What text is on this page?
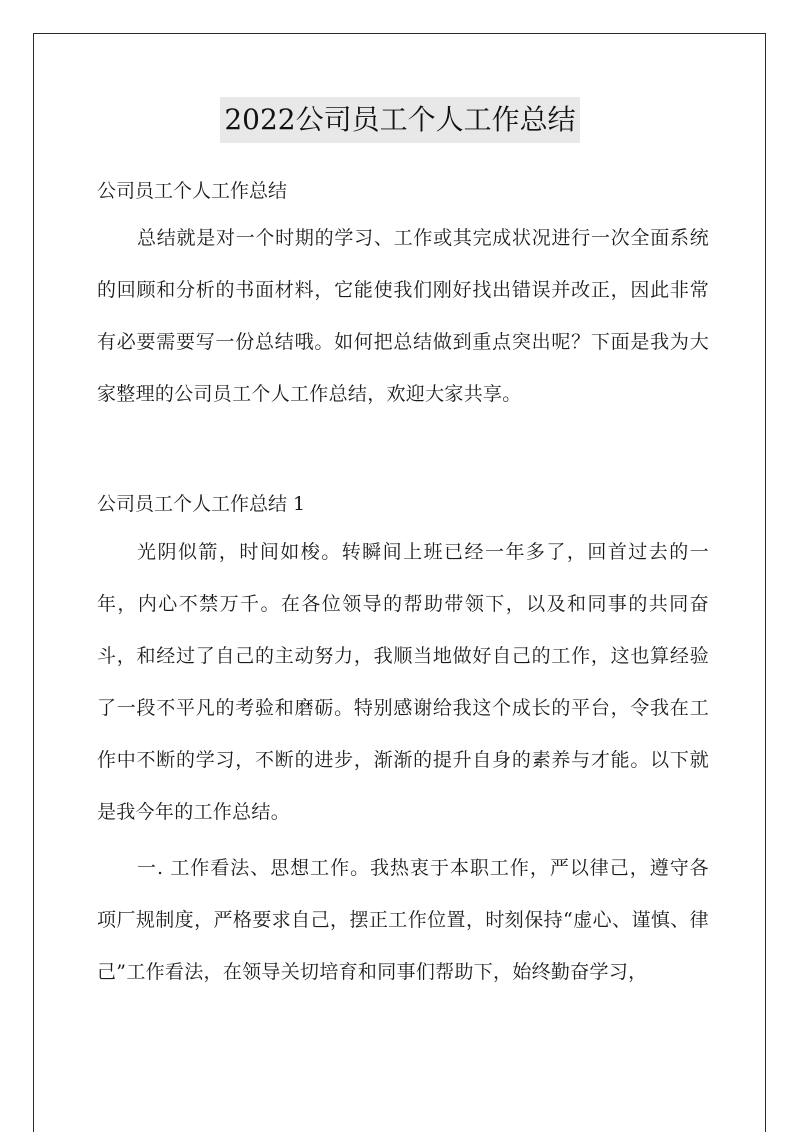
2022公司员工个人工作总结
公司员工个人工作总结

总结就是对一个时期的学习、工作或其完成状况进行一次全面系统的回顾和分析的书面材料，它能使我们刚好找出错误并改正，因此非常有必要需要写一份总结哦。如何把总结做到重点突出呢？下面是我为大家整理的公司员工个人工作总结，欢迎大家共享。

公司员工个人工作总结 1

光阴似箭，时间如梭。转瞬间上班已经一年多了，回首过去的一年，内心不禁万千。在各位领导的帮助带领下，以及和同事的共同奋斗，和经过了自己的主动努力，我顺当地做好自己的工作，这也算经验了一段不平凡的考验和磨砺。特别感谢给我这个成长的平台，令我在工作中不断的学习，不断的进步，渐渐的提升自身的素养与才能。以下就是我今年的工作总结。

一. 工作看法、思想工作。我热衷于本职工作，严以律己，遵守各项厂规制度，严格要求自己，摆正工作位置，时刻保持“虚心、谨慎、律己”工作看法，在领导关切培育和同事们帮助下，始终勤奋学习，
